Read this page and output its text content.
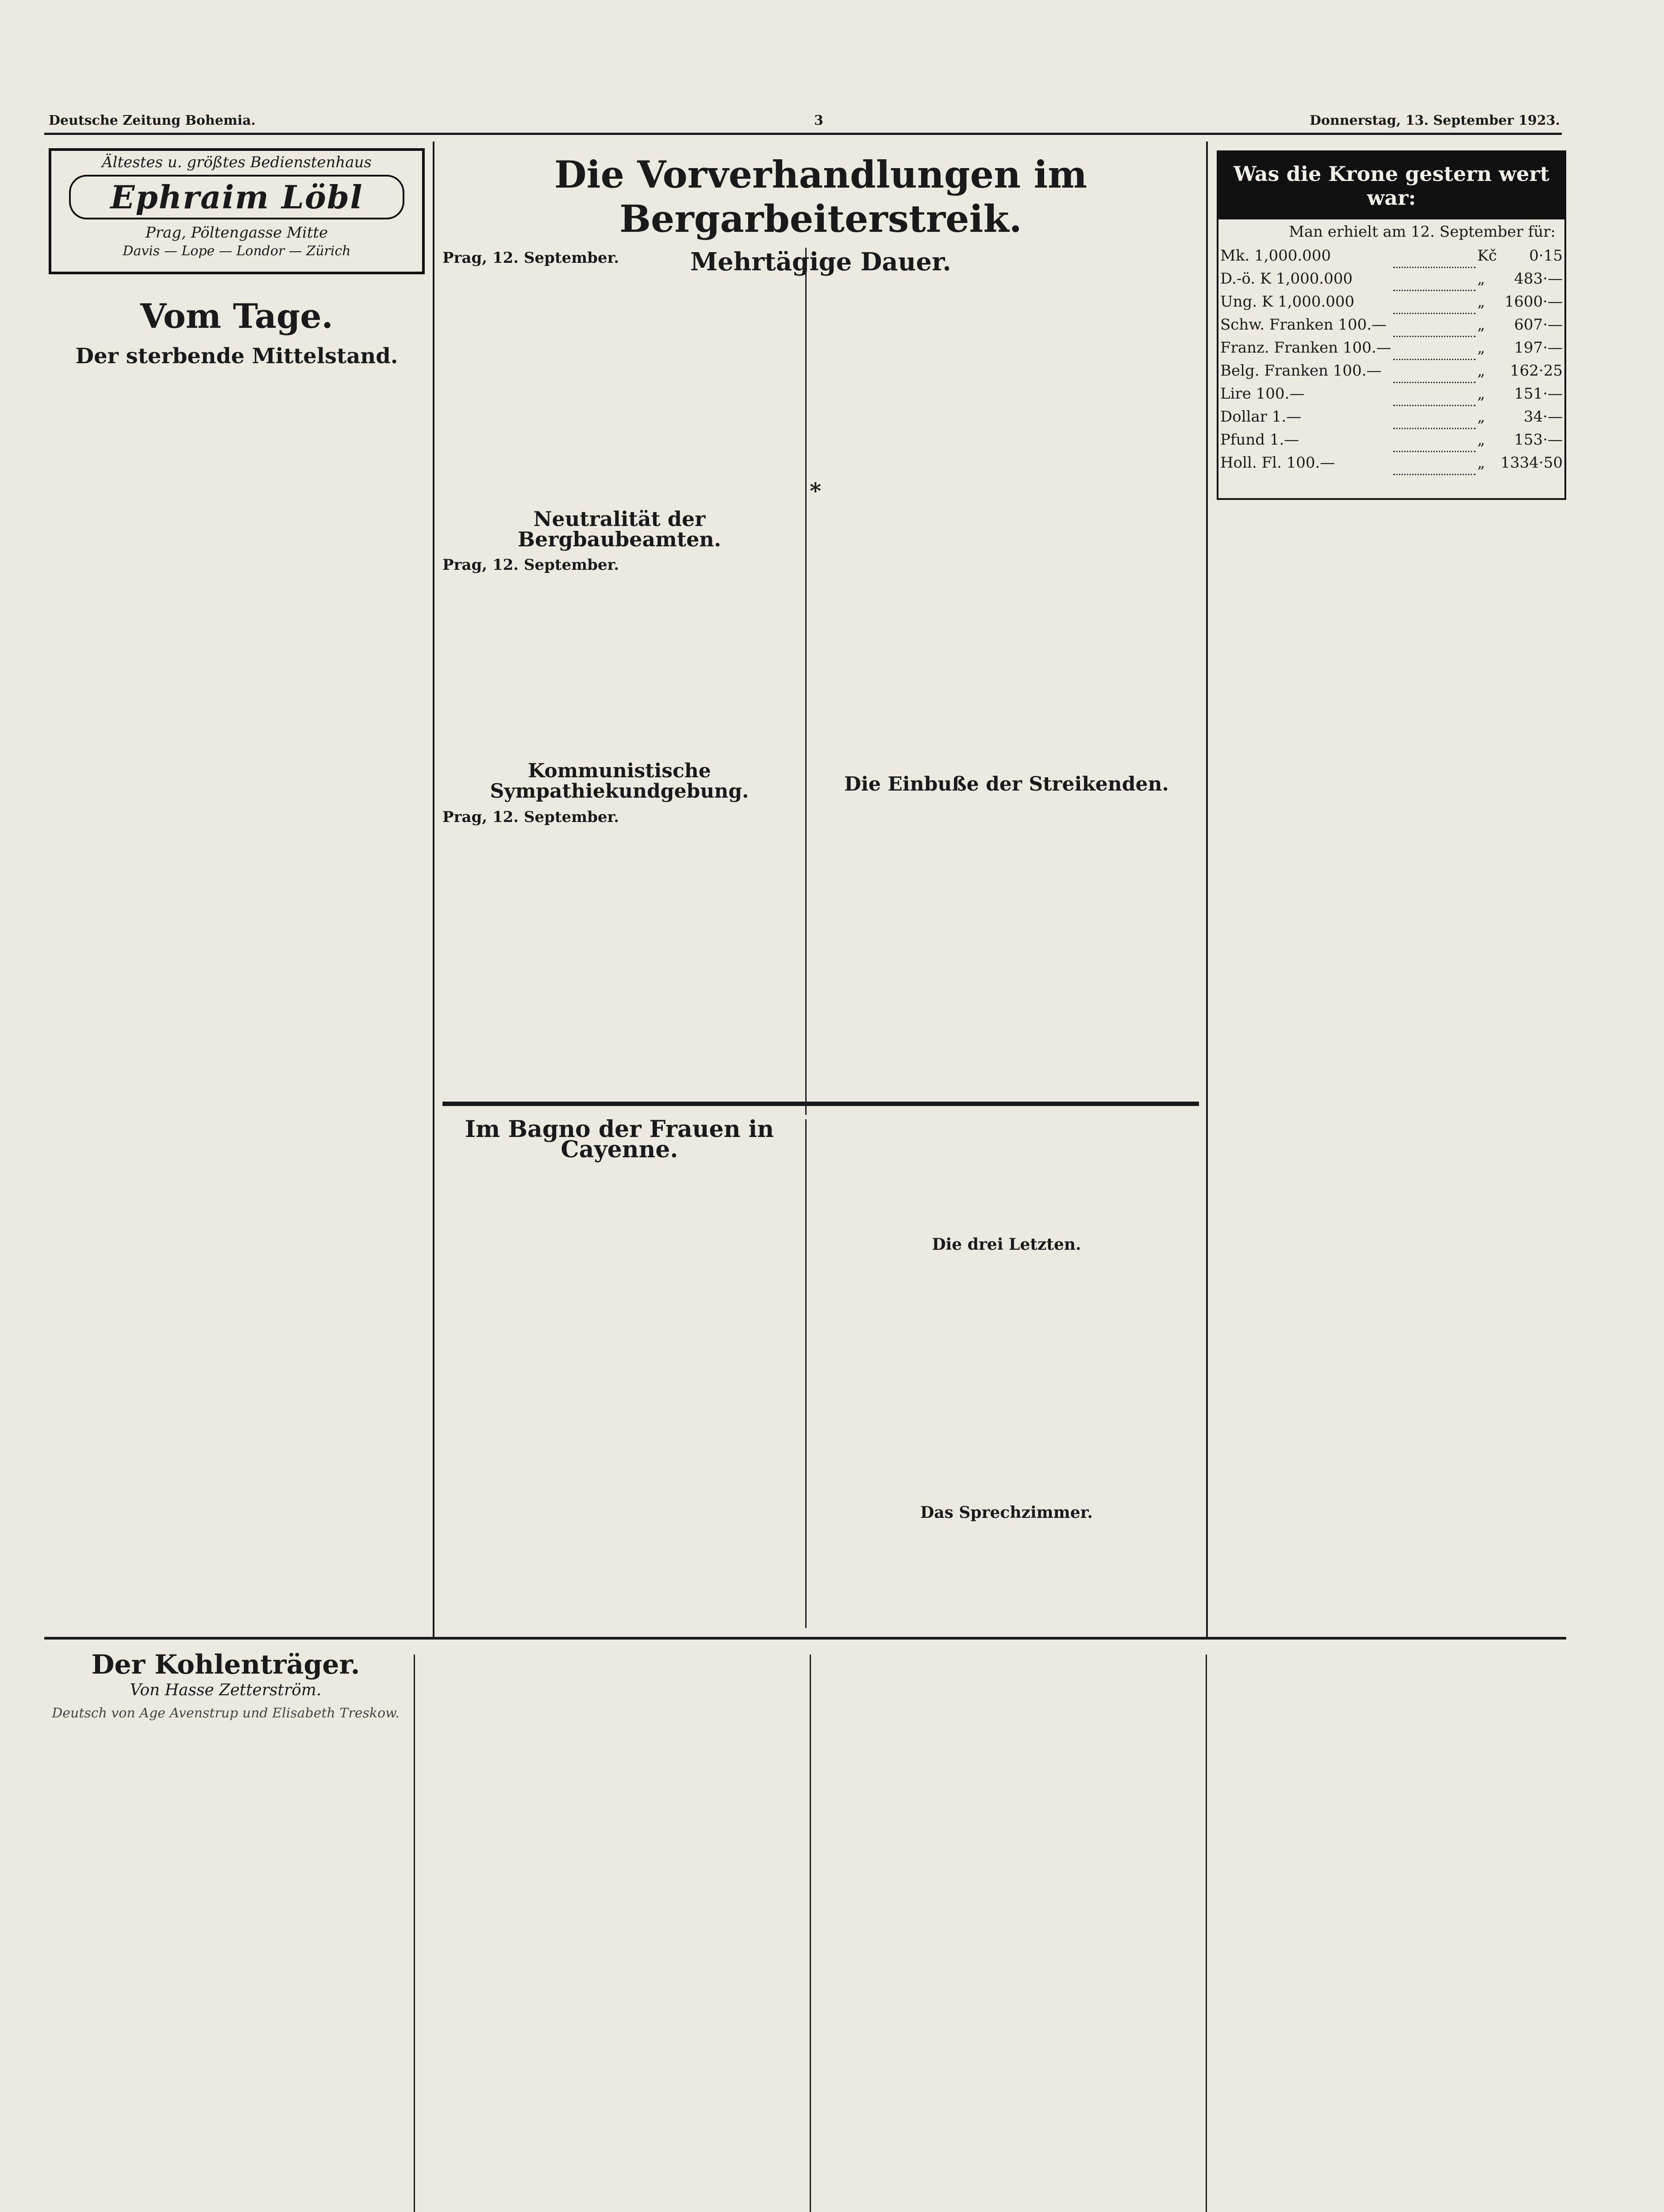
Deutsche Zeitung Bohemia.	3	Donnerstag, 13. September 1923.
Ältestes u. größtes Bedienstenhaus
Ephraim Löbl
Prag, Pöltengasse Mitte
Davis — Lope — Londor — Zürich
Vom Tage.
Der sterbende Mittelstand.
Die Vorverhandlungen im Bergarbeiterstreik.
Mehrtägige Dauer.
Prag, 12. September.
*
Neutralität der Bergbaubeamten.
Prag, 12. September.
Kommunistische Sympathiekundgebung.
Prag, 12. September.
Die Einbuße der Streikenden.
Im Bagno der Frauen in Cayenne.
Die drei Letzten.
Das Sprechzimmer.
Was die Krone gestern wert war:
Man erhielt am 12. September für:
Mk. 1,000.000		Kč	0·15
D.-ö. K 1,000.000		„	483·—
Ung. K 1,000.000		„	1600·—
Schw. Franken 100.—		„	607·—
Franz. Franken 100.—		„	197·—
Belg. Franken 100.—		„	162·25
Lire 100.—		„	151·—
Dollar 1.—		„	34·—
Pfund 1.—		„	153·—
Holl. Fl. 100.—		„	1334·50
Der Kohlenträger.
Von Hasse Zetterström.
Deutsch von Age Avenstrup und Elisabeth Treskow.
